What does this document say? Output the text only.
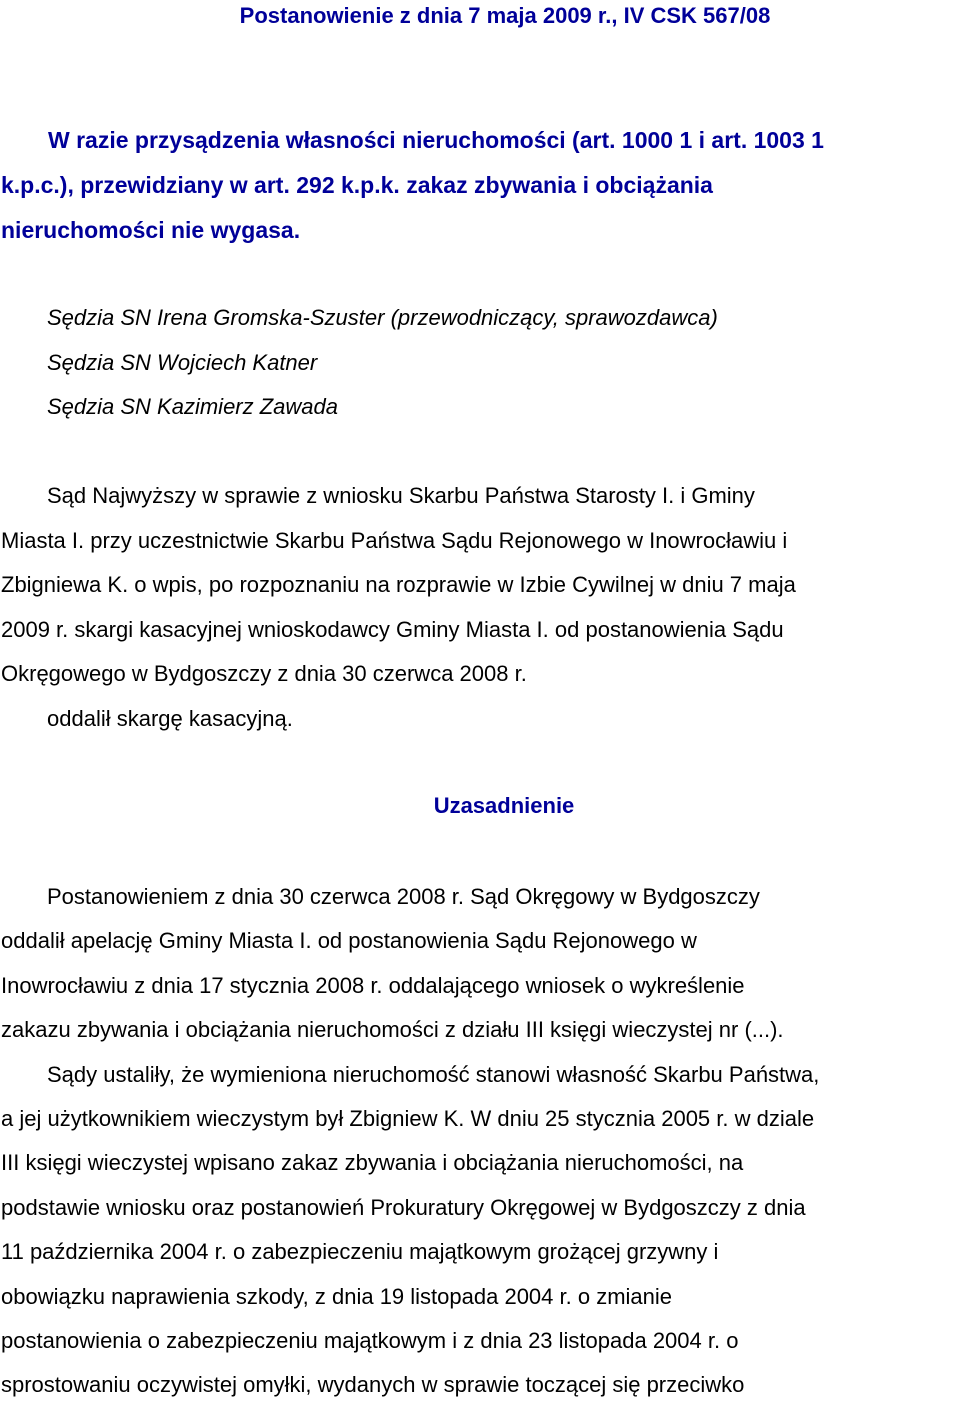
Postanowienie z dnia 7 maja 2009 r., IV CSK 567/08
W razie przysądzenia własności nieruchomości (art. 1000 1 i art. 1003 1
k.p.c.), przewidziany w art. 292 k.p.k. zakaz zbywania i obciążania
nieruchomości nie wygasa.
Sędzia SN Irena Gromska-Szuster (przewodniczący, sprawozdawca)
Sędzia SN Wojciech Katner
Sędzia SN Kazimierz Zawada
Sąd Najwyższy w sprawie z wniosku Skarbu Państwa Starosty I. i Gminy
Miasta I. przy uczestnictwie Skarbu Państwa Sądu Rejonowego w Inowrocławiu i
Zbigniewa K. o wpis, po rozpoznaniu na rozprawie w Izbie Cywilnej w dniu 7 maja
2009 r. skargi kasacyjnej wnioskodawcy Gminy Miasta I. od postanowienia Sądu
Okręgowego w Bydgoszczy z dnia 30 czerwca 2008 r.
oddalił skargę kasacyjną.
Uzasadnienie
Postanowieniem z dnia 30 czerwca 2008 r. Sąd Okręgowy w Bydgoszczy
oddalił apelację Gminy Miasta I. od postanowienia Sądu Rejonowego w
Inowrocławiu z dnia 17 stycznia 2008 r. oddalającego wniosek o wykreślenie
zakazu zbywania i obciążania nieruchomości z działu III księgi wieczystej nr (...).
Sądy ustaliły, że wymieniona nieruchomość stanowi własność Skarbu Państwa,
a jej użytkownikiem wieczystym był Zbigniew K. W dniu 25 stycznia 2005 r. w dziale
III księgi wieczystej wpisano zakaz zbywania i obciążania nieruchomości, na
podstawie wniosku oraz postanowień Prokuratury Okręgowej w Bydgoszczy z dnia
11 października 2004 r. o zabezpieczeniu majątkowym grożącej grzywny i
obowiązku naprawienia szkody, z dnia 19 listopada 2004 r. o zmianie
postanowienia o zabezpieczeniu majątkowym i z dnia 23 listopada 2004 r. o
sprostowaniu oczywistej omyłki, wydanych w sprawie toczącej się przeciwko
